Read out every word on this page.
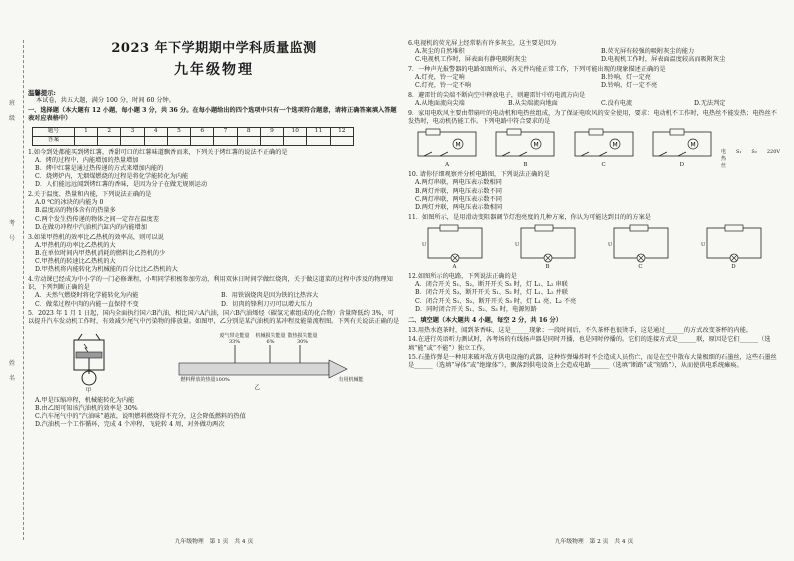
班
级
考
号
姓
名
2023 年下学期期中学科质量监测
九年级物理
温馨提示:
本试卷，共五大题，满分 100 分，时间 60 分钟。
一、选择题（本大题有 12 小题，每小题 3 分，共 36 分。在每小题给出的四个选项中只有一个选项符合题意，请将正确答案填入答题表对应表格中）
题号	1	2	3	4	5	6	7	8	9	10	11	12
答案												
1.如今到处都能买到烤红薯，香甜可口的红薯味道飘香而来，下列关于烤红薯的说法不正确的是
A．烤的过程中，内能增加的热量增加
B．烤中红薯是通过热传递的方式来增加内能的
C．烧烤炉内，无烟煤燃烧的过程是将化学能转化为内能
D．人们能远远闻到烤红薯的香味，是因为分子在做无规则运动
2.关于温度、热量和内能，下列说法正确的是
A.0 ℃的冰块的内能为 0
B.温度高的物体含有的热量多
C.两个发生热传递的物体之间一定存在温度差
D.在做功冲程中汽油机汽缸内的内能增加
3.如果甲热机的效率比乙热机的效率高，则可以说
A.甲热机的功率比乙热机的大
B.在单位时间内甲热机消耗的燃料比乙热机的少
C.甲热机的转速比乙热机的大
D.甲热机将内能转化为机械能的百分比比乙热机的大
4.劳动课已经成为中小学的一门必修课程，小明同学积极参加劳动，利用双休日时间学做红烧肉，关于做这道菜的过程中涉及的物理知识，下列判断正确的是
A．天然气燃烧时将化学能转化为内能	B．用铁锅烧肉是因为铁的比热容大
C．做菜过程中肉的内能一直保持不变	D．切肉的锋利刀刃可以增大压力
5．2023 年 1 月 1 日起，国内全面执行国六B汽油，相比国六A汽油，国六B汽油烯烃（碳氢元素组成的化合物）含量降低约 3%，可以提升汽车发动机工作时，有效减少尾气中污染物的排放量。如图甲，乙分别是某汽油机的某冲程及能量流程图。下列有关说法正确的是
甲
废气带走能量33%
机械损失能量6%
散热损失能量30%
燃料释放的热量100%	有用机械能
乙
A.甲是压缩冲程，机械能转化为内能
B.由乙图可知该汽油机的效率是 30%
C.汽车尾气中的“汽油味”越浓，说明燃料燃烧得不充分，这会降低燃料的热值
D.汽油机一个工作循环，完成 4 个冲程，飞轮转 4 周，对外做功两次
九年级物理　第 1 页　共 4 页
6.电视机的荧光屏上经常粘有许多灰尘，这主要是因为
A.灰尘的自然堆积	B.荧光屏有较强的吸附灰尘的能力
C.电视机工作时，屏表面有静电吸附灰尘	D.电视机工作时，屏表面温度较高而吸附灰尘
7．一种声光报警器的电路如图所示，各元件均能正常工作，下列可能出现的现象描述正确的是
A.灯亮，铃一定响	B.铃响，灯一定亮
C.灯亮，铃一定不响	D.铃响，灯一定不亮
8．避雷针的尖端不断向空中释放电子，则避雷针中的电流方向是
A.从地面流向尖端	B.从尖端流向地面	C.没有电流	D.无法判定
9．家用电吹风主要由带扇叶的电动机和电热丝组成，为了保证电吹风的安全使用，要求：电动机不工作时，电热丝不能发热；电热丝不发热时，电动机仍能工作。下列电路中符合要求的是
M
A
M
B
M
C
M
D
电热丝
S₁ S₂ 220V
10. 请你仔细观察并分析电路图，下列说法正确的是
A.两灯串联，两电压表示数相同
B.两灯并联，两电压表示数不同
C.两灯串联，两电压表示数不同
D.两灯并联，两电压表示数相同
11．如图所示，是用滑动变阻器调节灯泡亮度的几种方案，你认为可能达到目的的方案是
U
A
U
B
U
C
U
D
12.如图所示的电路，下列说法正确的是
A．闭合开关 S₁、S₂，断开开关 S₃ 时，灯 L₁、L₂ 串联
B．闭合开关 S₃，断开开关 S₁、S₂ 时，灯 L₁、L₂ 并联
C．闭合开关 S₁、S₂，断开开关 S₃ 时，灯 L₁ 亮、L₂ 不亮
D．同时闭合开关 S₁、S₂、S₃ 时，电源短路
二、填空题（本大题共 4 小题，每空 2 分，共 16 分）
13.用热水泡茶时，闻到茶香味，这是______现象；一段时间后，不久茶杯也很烫手，这是通过______的方式改变茶杯的内能。
14.在进行英语听力测试时，各考场的有线扬声器是同时开播，也是同时停播的。它们的连接方式是______联，原因是它们______（选填“能”或“不能”）独立工作。
15.石墨炸弹是一种用来破坏敌方供电设施的武器，这种炸弹爆炸时不会造成人员伤亡，而是在空中散布大量极细的石墨丝，这些石墨丝是______（选填“导体”或“绝缘体”），飘落到供电设备上会造成电路______（选填“断路”或“短路”），从而使供电系统瘫痪。
九年级物理　第 2 页　共 4 页
